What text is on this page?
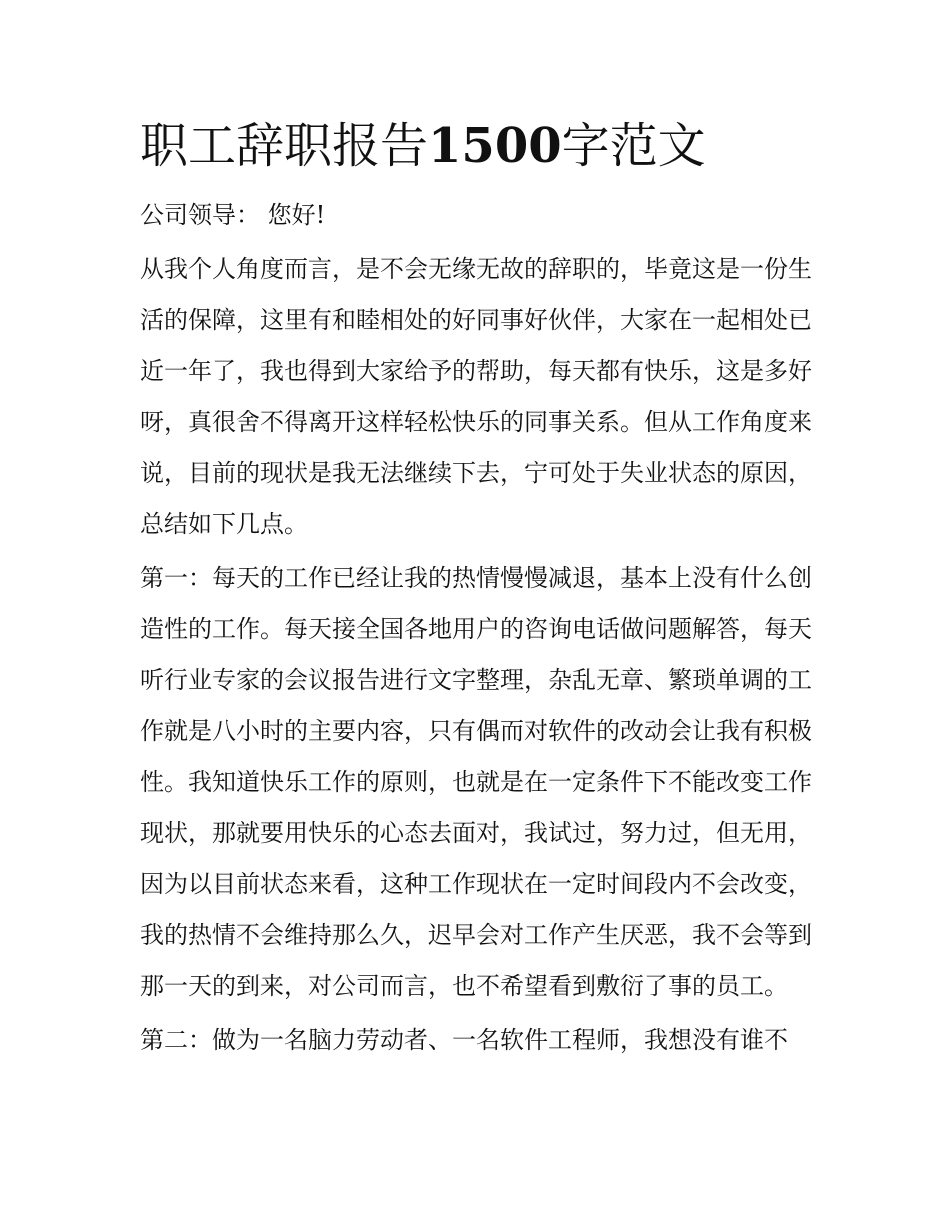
职工辞职报告1500字范文

公司领导： 您好!

从我个人角度而言，是不会无缘无故的辞职的，毕竟这是一份生活的保障，这里有和睦相处的好同事好伙伴，大家在一起相处已近一年了，我也得到大家给予的帮助，每天都有快乐，这是多好呀，真很舍不得离开这样轻松快乐的同事关系。但从工作角度来说，目前的现状是我无法继续下去，宁可处于失业状态的原因，总结如下几点。

第一：每天的工作已经让我的热情慢慢减退，基本上没有什么创造性的工作。每天接全国各地用户的咨询电话做问题解答，每天听行业专家的会议报告进行文字整理，杂乱无章、繁琐单调的工作就是八小时的主要内容，只有偶而对软件的改动会让我有积极性。我知道快乐工作的原则，也就是在一定条件下不能改变工作现状，那就要用快乐的心态去面对，我试过，努力过，但无用，因为以目前状态来看，这种工作现状在一定时间段内不会改变，我的热情不会维持那么久，迟早会对工作产生厌恶，我不会等到那一天的到来，对公司而言，也不希望看到敷衍了事的员工。

第二：做为一名脑力劳动者、一名软件工程师，我想没有谁不
